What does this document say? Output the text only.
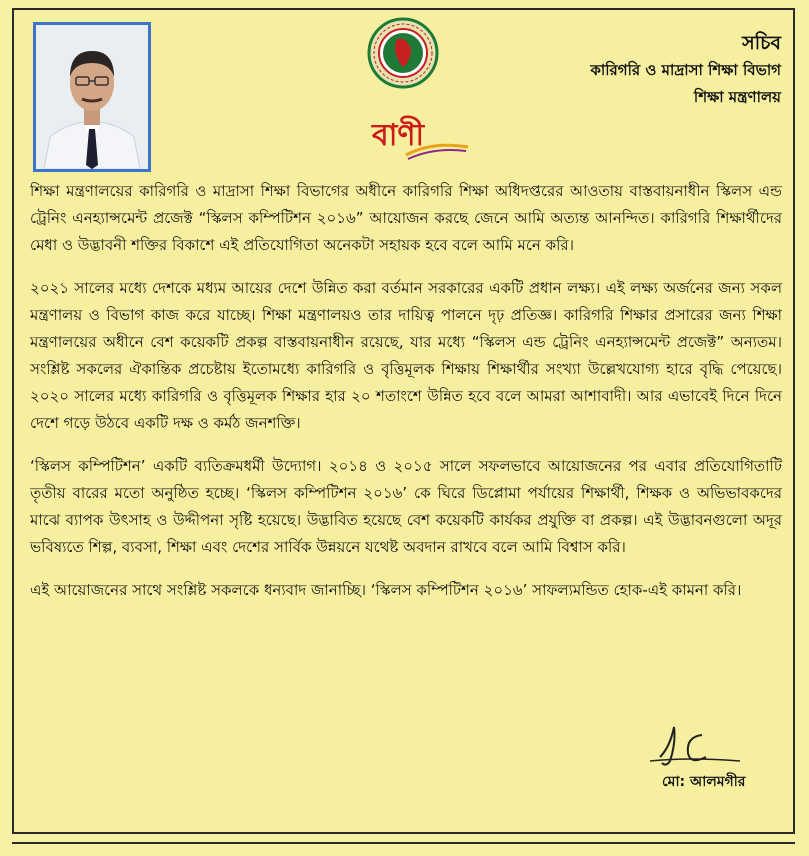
বাণী
সচিব
কারিগরি ও মাদ্রাসা শিক্ষা বিভাগ
শিক্ষা মন্ত্রণালয়

শিক্ষা মন্ত্রণালয়ের কারিগরি ও মাদ্রাসা শিক্ষা বিভাগের অধীনে কারিগরি শিক্ষা অধিদপ্তরের আওতায় বাস্তবায়নাধীন স্কিলস এন্ড ট্রেনিং এনহ্যান্সমেন্ট প্রজেক্ট “স্কিলস কম্পিটিশন ২০১৬” আয়োজন করছে জেনে আমি অত্যন্ত আনন্দিত। কারিগরি শিক্ষার্থীদের মেধা ও উদ্ভাবনী শক্তির বিকাশে এই প্রতিযোগিতা অনেকটা সহায়ক হবে বলে আমি মনে করি।

২০২১ সালের মধ্যে দেশকে মধ্যম আয়ের দেশে উন্নিত করা বর্তমান সরকারের একটি প্রধান লক্ষ্য। এই লক্ষ্য অর্জনের জন্য সকল মন্ত্রণালয় ও বিভাগ কাজ করে যাচ্ছে। শিক্ষা মন্ত্রণালয়ও তার দায়িত্ব পালনে দৃঢ় প্রতিজ্ঞ। কারিগরি শিক্ষার প্রসারের জন্য শিক্ষা মন্ত্রণালয়ের অধীনে বেশ কয়েকটি প্রকল্প বাস্তবায়নাধীন রয়েছে, যার মধ্যে “স্কিলস এন্ড ট্রেনিং এনহ্যান্সমেন্ট প্রজেক্ট” অন্যতম। সংশ্লিষ্ট সকলের ঐকান্তিক প্রচেষ্টায় ইতোমধ্যে কারিগরি ও বৃত্তিমূলক শিক্ষায় শিক্ষার্থীর সংখ্যা উল্লেখযোগ্য হারে বৃদ্ধি পেয়েছে। ২০২০ সালের মধ্যে কারিগরি ও বৃত্তিমূলক শিক্ষার হার ২০ শতাংশে উন্নিত হবে বলে আমরা আশাবাদী। আর এভাবেই দিনে দিনে দেশে গড়ে উঠবে একটি দক্ষ ও কর্মঠ জনশক্তি।

‘স্কিলস কম্পিটিশন’ একটি ব্যতিক্রমধর্মী উদ্যোগ। ২০১৪ ও ২০১৫ সালে সফলভাবে আয়োজনের পর এবার প্রতিযোগিতাটি তৃতীয় বারের মতো অনুষ্ঠিত হচ্ছে। ‘স্কিলস কম্পিটিশন ২০১৬’ কে ঘিরে ডিপ্লোমা পর্যায়ের শিক্ষার্থী, শিক্ষক ও অভিভাবকদের মাঝে ব্যাপক উৎসাহ ও উদ্দীপনা সৃষ্টি হয়েছে। উদ্ভাবিত হয়েছে বেশ কয়েকটি কার্যকর প্রযুক্তি বা প্রকল্প। এই উদ্ভাবনগুলো অদূর ভবিষ্যতে শিল্প, ব্যবসা, শিক্ষা এবং দেশের সার্বিক উন্নয়নে যথেষ্ট অবদান রাখবে বলে আমি বিশ্বাস করি।

এই আয়োজনের সাথে সংশ্লিষ্ট সকলকে ধন্যবাদ জানাচ্ছি। ‘স্কিলস কম্পিটিশন ২০১৬’ সাফল্যমন্ডিত হোক-এই কামনা করি।

মো: আলমগীর
